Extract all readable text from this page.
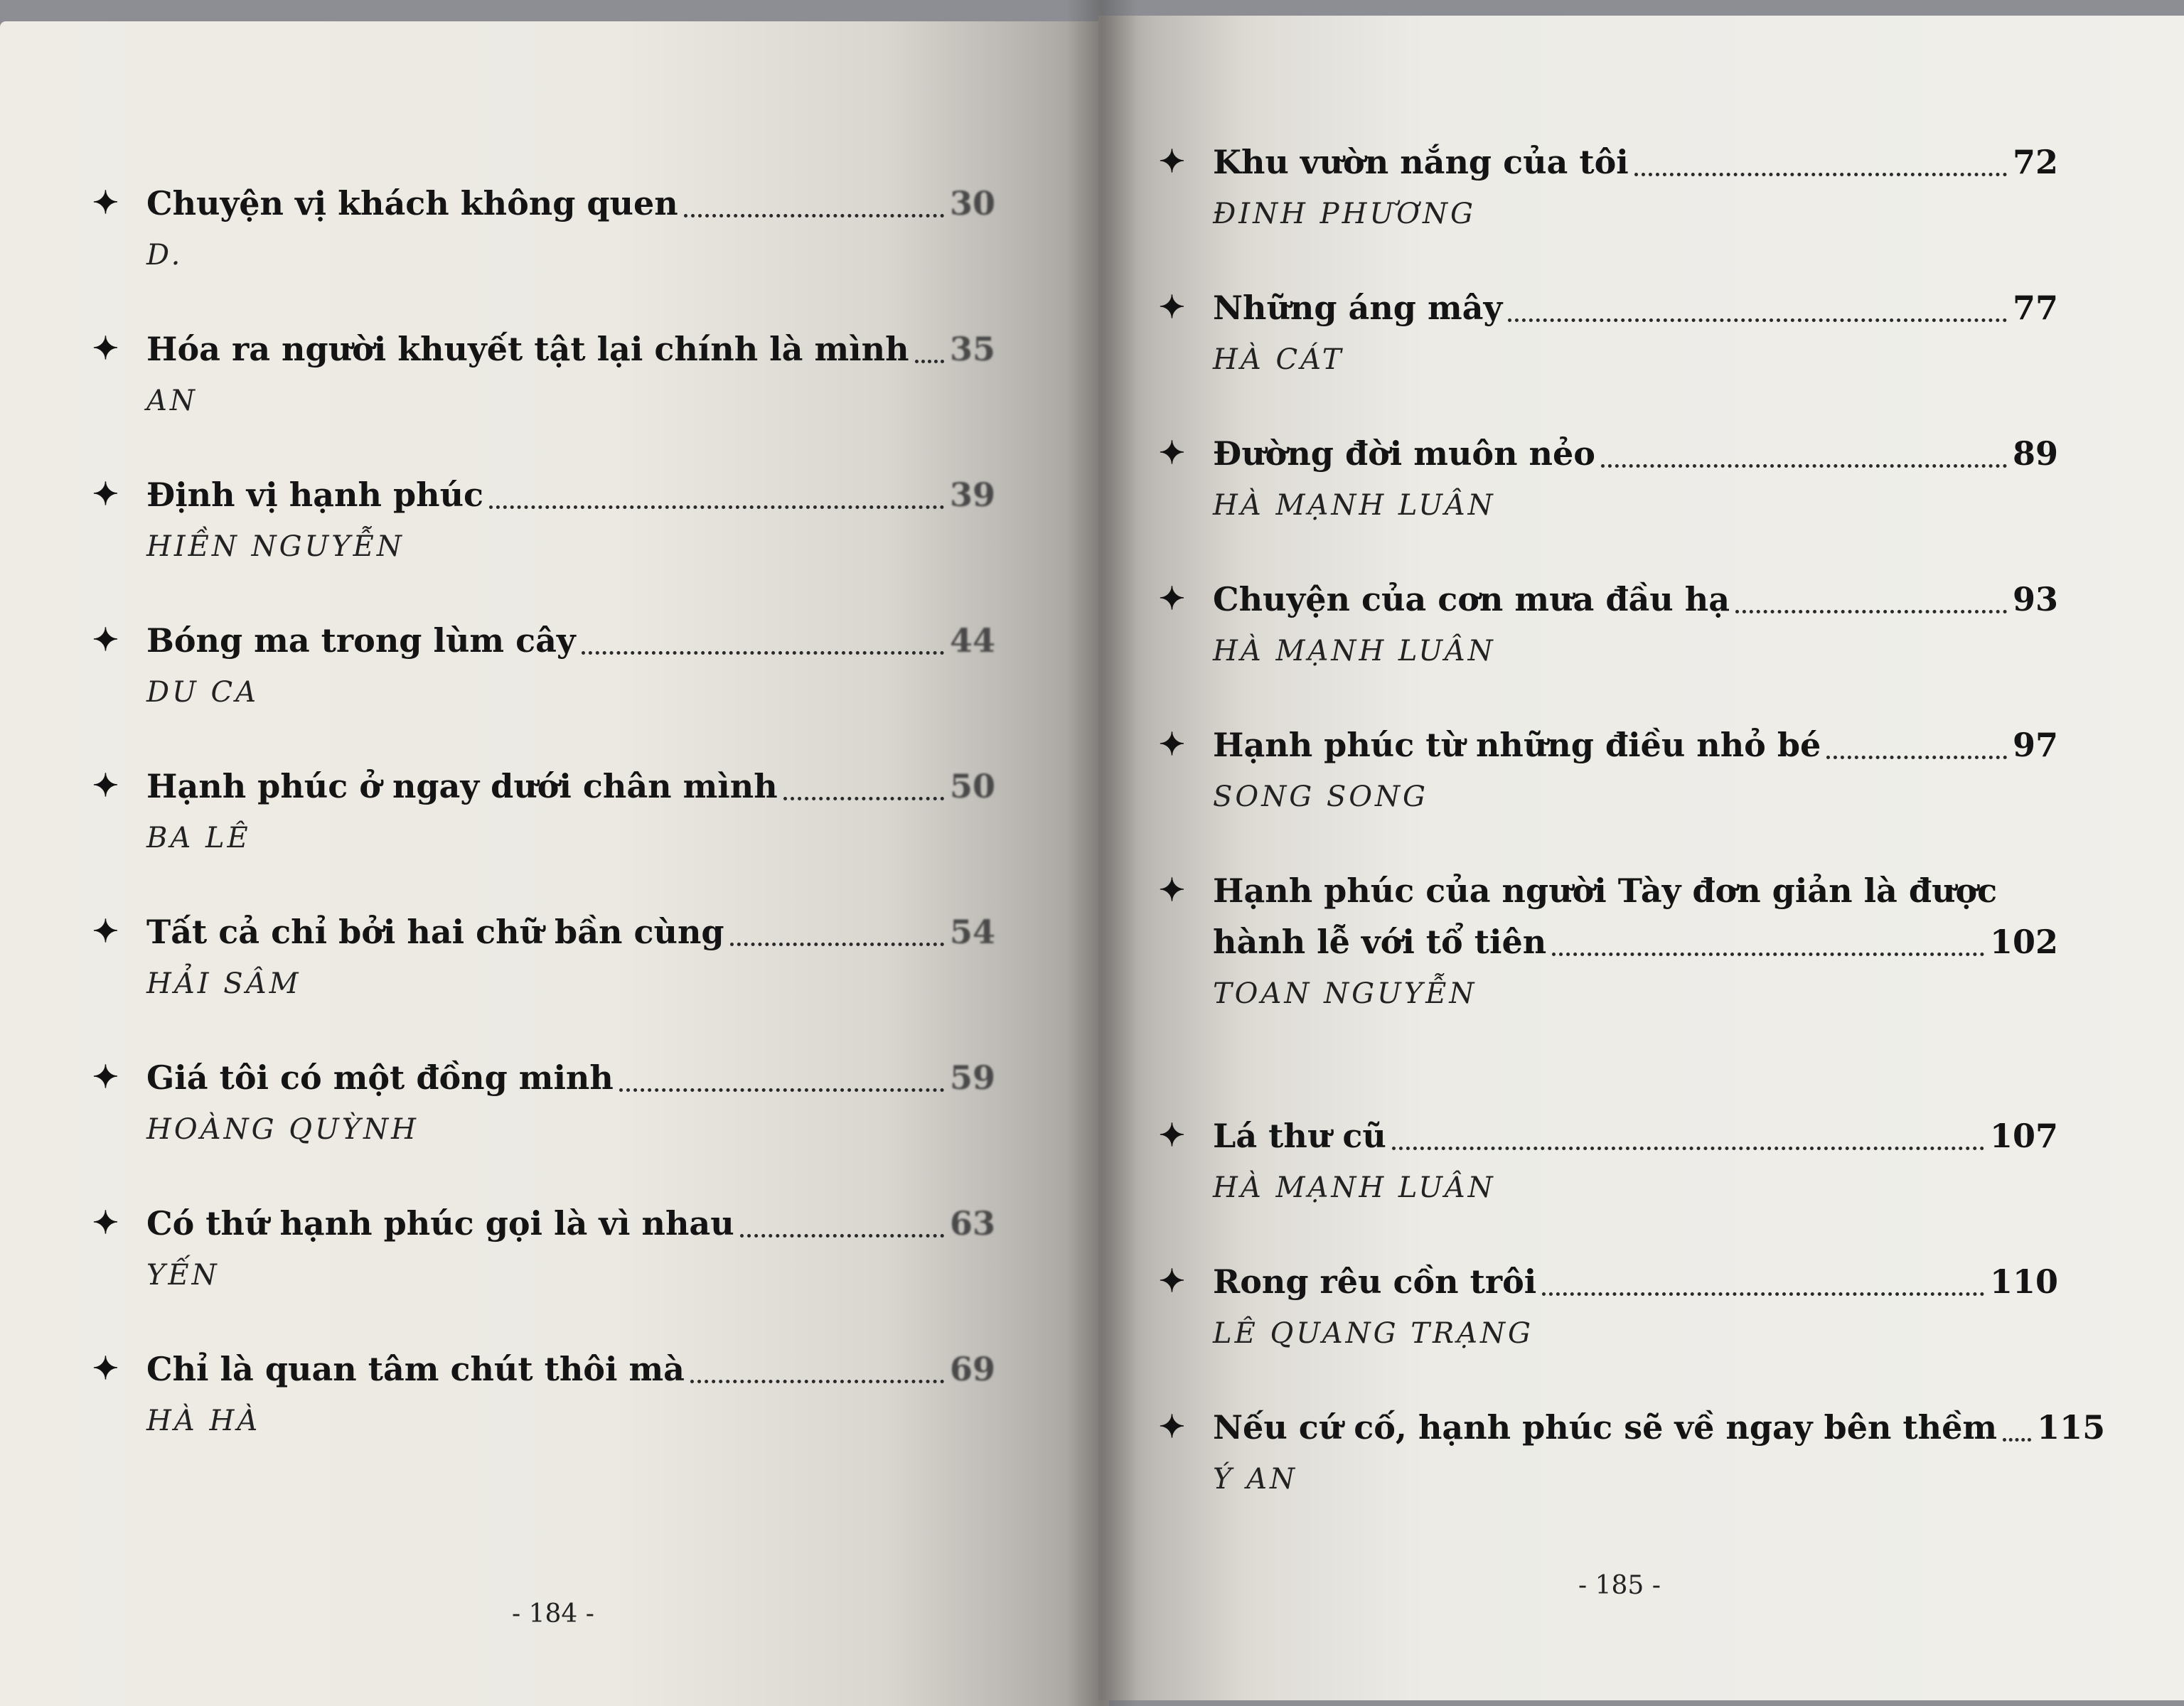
✦ Chuyện vị khách không quen	30
D.
✦ Hóa ra người khuyết tật lại chính là mình 35
AN
✦ Định vị hạnh phúc	39
HIỀN NGUYỄN
✦ Bóng ma trong lùm cây	44
DU CA
✦ Hạnh phúc ở ngay dưới chân mình	50
BA LÊ
✦ Tất cả chỉ bởi hai chữ bần cùng	54
HẢI SÂM
✦ Giá tôi có một đồng minh	59
HOÀNG QUỲNH
✦ Có thứ hạnh phúc gọi là vì nhau	63
YẾN
✦ Chỉ là quan tâm chút thôi mà	69
HÀ HÀ
- 184 -
✦ Khu vườn nắng của tôi	72
ĐINH PHƯƠNG
✦ Những áng mây	77
HÀ CÁT
✦ Đường đời muôn nẻo	89
HÀ MẠNH LUÂN
✦ Chuyện của cơn mưa đầu hạ	93
HÀ MẠNH LUÂN
✦ Hạnh phúc từ những điều nhỏ bé	97
SONG SONG
✦ Hạnh phúc của người Tày đơn giản là được
hành lễ với tổ tiên	102
TOAN NGUYỄN
✦ Lá thư cũ	107
HÀ MẠNH LUÂN
✦ Rong rêu cồn trôi	110
LÊ QUANG TRẠNG
✦ Nếu cứ cố, hạnh phúc sẽ về ngay bên thềm 115
Ý AN
- 185 -
